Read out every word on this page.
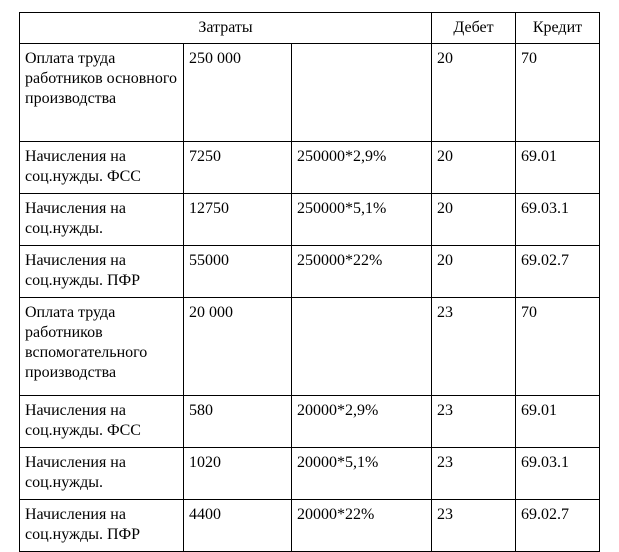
Затраты			Дебет	Кредит
Оплата труда работников основного производства	250 000		20	70
Начисления на соц.нужды. ФСС	7250	250000*2,9%	20	69.01
Начисления на соц.нужды.	12750	250000*5,1%	20	69.03.1
Начисления на соц.нужды. ПФР	55000	250000*22%	20	69.02.7
Оплата труда работников вспомогательного производства	20 000		23	70
Начисления на соц.нужды. ФСС	580	20000*2,9%	23	69.01
Начисления на соц.нужды.	1020	20000*5,1%	23	69.03.1
Начисления на соц.нужды. ПФР	4400	20000*22%	23	69.02.7
